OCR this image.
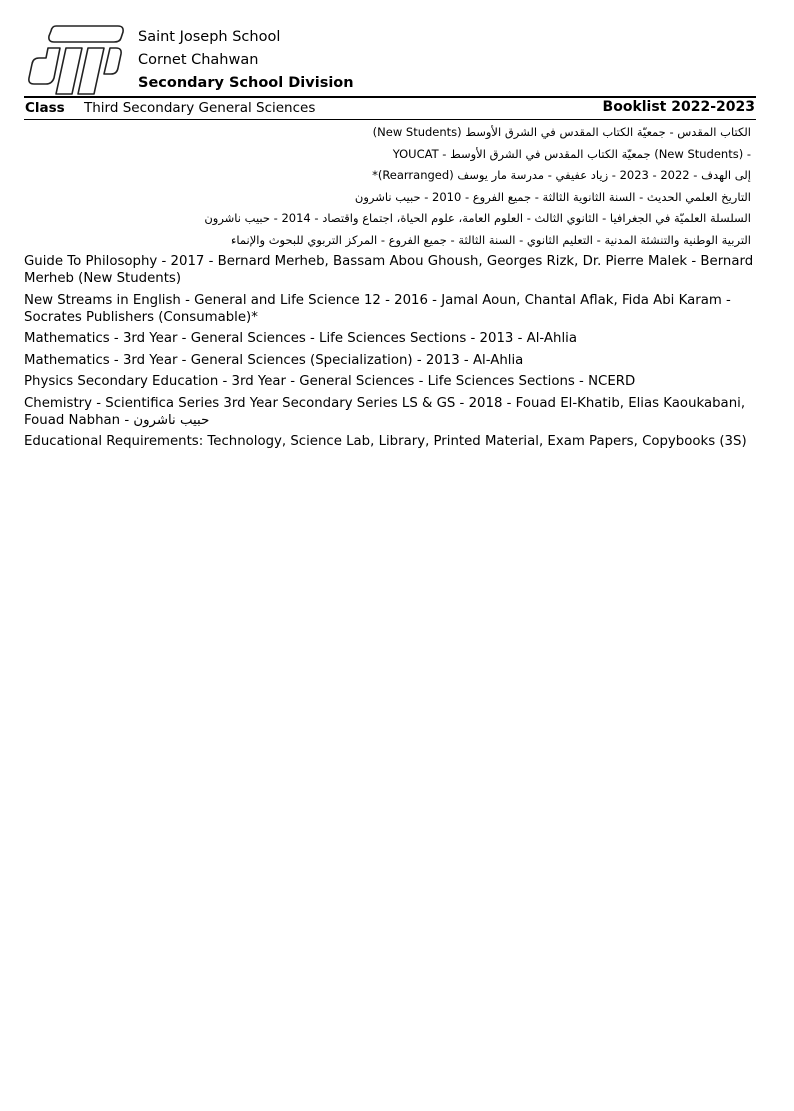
Saint Joseph School
Cornet Chahwan
Secondary School Division
Class Third Secondary General Sciences	Booklist 2022-2023
الكتاب المقدس - جمعيّة الكتاب المقدس في الشرق الأوسط (New Students)
YOUCAT - جمعيّة الكتاب المقدس في الشرق الأوسط (New Students) -
إلى الهدف - 2022 - 2023 - زياد عفيفي - مدرسة مار يوسف (Rearranged)*
التاريخ العلمي الحديث - السنة الثانوية الثالثة - جميع الفروع - 2010 - حبيب ناشرون
السلسلة العلميّة في الجغرافيا - الثانوي الثالث - العلوم العامة، علوم الحياة، اجتماع واقتصاد - 2014 - حبيب ناشرون
التربية الوطنية والتنشئة المدنية - التعليم الثانوي - السنة الثالثة - جميع الفروع - المركز التربوي للبحوث والإنماء
Guide To Philosophy - 2017 - Bernard Merheb, Bassam Abou Ghoush, Georges Rizk, Dr. Pierre Malek - Bernard Merheb (New Students)
New Streams in English - General and Life Science 12 - 2016 - Jamal Aoun, Chantal Aflak, Fida Abi Karam - Socrates Publishers (Consumable)*
Mathematics - 3rd Year - General Sciences - Life Sciences Sections - 2013 - Al-Ahlia
Mathematics - 3rd Year - General Sciences (Specialization) - 2013 - Al-Ahlia
Physics Secondary Education - 3rd Year - General Sciences - Life Sciences Sections - NCERD
Chemistry - Scientifica Series 3rd Year Secondary Series LS & GS - 2018 - Fouad El-Khatib, Elias Kaoukabani, Fouad Nabhan - حبيب ناشرون
Educational Requirements: Technology, Science Lab, Library, Printed Material, Exam Papers, Copybooks (3S)
